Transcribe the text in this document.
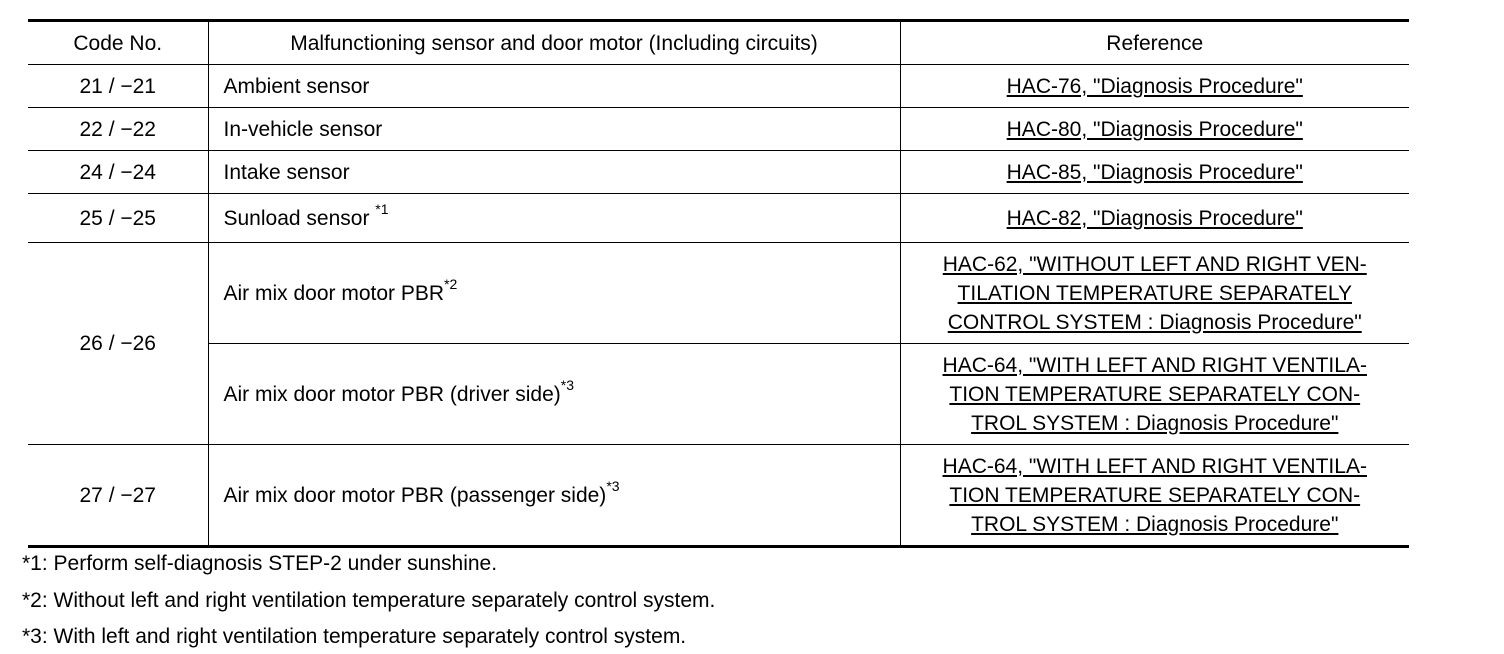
Code No.	Malfunctioning sensor and door motor (Including circuits)	Reference
21 / −21	Ambient sensor	HAC-76, "Diagnosis Procedure"
22 / −22	In-vehicle sensor	HAC-80, "Diagnosis Procedure"
24 / −24	Intake sensor	HAC-85, "Diagnosis Procedure"
25 / −25	Sunload sensor $^{*1}$	HAC-82, "Diagnosis Procedure"
26 / −26	Air mix door motor PBR$^{*2}$	HAC-62, "WITHOUT LEFT AND RIGHT VEN-
TILATION TEMPERATURE SEPARATELY
CONTROL SYSTEM : Diagnosis Procedure"

	Air mix door motor PBR (driver side)$^{*3}$	HAC-64, "WITH LEFT AND RIGHT VENTILA-
TION TEMPERATURE SEPARATELY CON-
TROL SYSTEM : Diagnosis Procedure"

27 / −27	Air mix door motor PBR (passenger side)$^{*3}$	HAC-64, "WITH LEFT AND RIGHT VENTILA-
TION TEMPERATURE SEPARATELY CON-
TROL SYSTEM : Diagnosis Procedure"
*1: Perform self-diagnosis STEP-2 under sunshine.
*2: Without left and right ventilation temperature separately control system.
*3: With left and right ventilation temperature separately control system.
